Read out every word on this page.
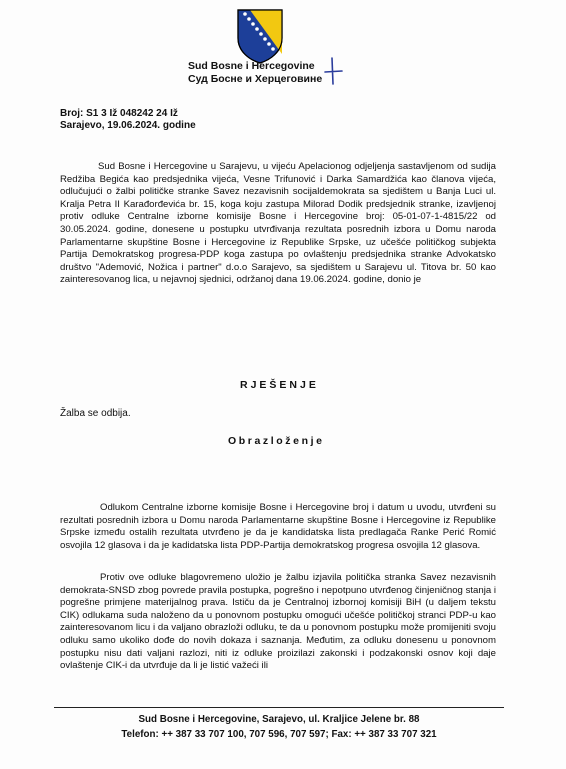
Sud Bosne i Hercegovine
Суд Босне и Херцеговине
Broj: S1 3 Iž 048242 24 Iž
Sarajevo, 19.06.2024. godine
Sud Bosne i Hercegovine u Sarajevu, u vijeću Apelacionog odjeljenja sastavljenom od sudija Redžiba Begića kao predsjednika vijeća, Vesne Trifunović i Darka Samardžića kao članova vijeća, odlučujući o žalbi političke stranke Savez nezavisnih socijaldemokrata sa sjedištem u Banja Luci ul. Kralja Petra II Karađorđevića br. 15, koga koju zastupa Milorad Dodik predsjednik stranke, izavljenoj protiv odluke Centralne izborne komisije Bosne i Hercegovine broj: 05-01-07-1-4815/22 od 30.05.2024. godine, donesene u postupku utvrđivanja rezultata posrednih izbora u Domu naroda Parlamentarne skupštine Bosne i Hercegovine iz Republike Srpske, uz učešće političkog subjekta Partija Demokratskog progresa-PDP koga zastupa po ovlaštenju predsjednika stranke Advokatsko društvo "Ademović, Nožica i partner" d.o.o Sarajevo, sa sjedištem u Sarajevu ul. Titova br. 50 kao zainteresovanog lica, u nejavnoj sjednici, održanoj dana 19.06.2024. godine, donio je
RJEŠENJE
Žalba se odbija.
Obrazloženje
Odlukom Centralne izborne komisije Bosne i Hercegovine broj i datum u uvodu, utvrđeni su rezultati posrednih izbora u Domu naroda Parlamentarne skupštine Bosne i Hercegovine iz Republike Srpske između ostalih rezultata utvrđeno je da je kandidatska lista predlagača Ranke Perić Romić osvojila 12 glasova i da je kadidatska lista PDP-Partija demokratskog progresa osvojila 12 glasova.
Protiv ove odluke blagovremeno uložio je žalbu izjavila politička stranka Savez nezavisnih demokrata-SNSD zbog povrede pravila postupka, pogrešno i nepotpuno utvrđenog činjeničnog stanja i pogrešne primjene materijalnog prava. Ističu da je Centralnoj izbornoj komisiji BiH (u daljem tekstu CIK) odlukama suda naloženo da u ponovnom postupku omogući učešće političkoj stranci PDP-u kao zainteresovanom licu i da valjano obrazloži odluku, te da u ponovnom postupku može promijeniti svoju odluku samo ukoliko dođe do novih dokaza i saznanja. Međutim, za odluku donesenu u ponovnom postupku nisu dati valjani razlozi, niti iz odluke proizilazi zakonski i podzakonski osnov koji daje ovlaštenje CIK-i da utvrđuje da li je listić važeći ili
Sud Bosne i Hercegovine, Sarajevo, ul. Kraljice Jelene br. 88
Telefon: ++ 387 33 707 100, 707 596, 707 597; Fax: ++ 387 33 707 321
